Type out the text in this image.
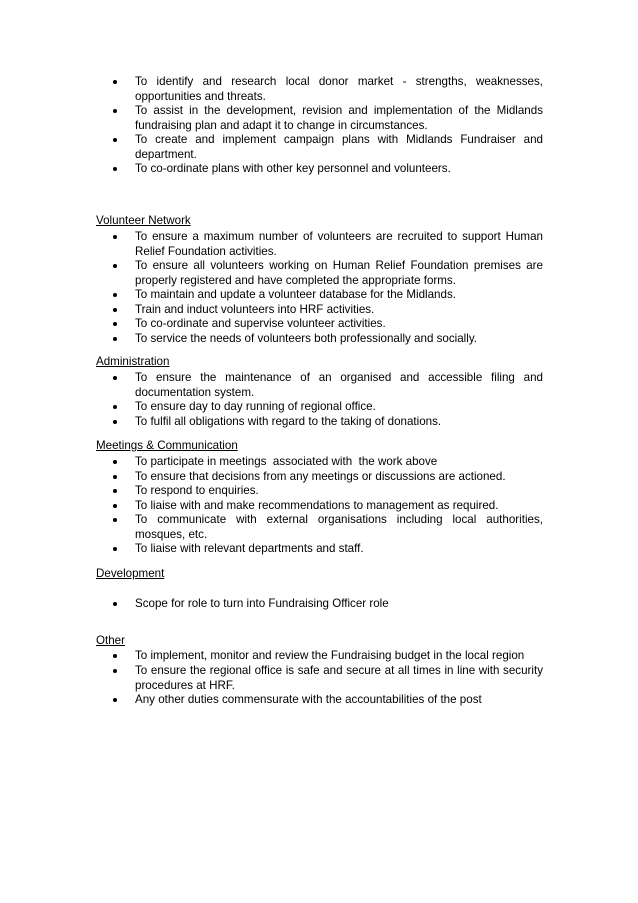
To identify and research local donor market - strengths, weaknesses, opportunities and threats.
To assist in the development, revision and implementation of the Midlands fundraising plan and adapt it to change in circumstances.
To create and implement campaign plans with Midlands Fundraiser and department.
To co-ordinate plans with other key personnel and volunteers.
Volunteer Network
To ensure a maximum number of volunteers are recruited to support Human Relief Foundation activities.
To ensure all volunteers working on Human Relief Foundation premises are properly registered and have completed the appropriate forms.
To maintain and update a volunteer database for the Midlands.
Train and induct volunteers into HRF activities.
To co-ordinate and supervise volunteer activities.
To service the needs of volunteers both professionally and socially.
Administration
To ensure the maintenance of an organised and accessible filing and documentation system.
To ensure day to day running of regional office.
To fulfil all obligations with regard to the taking of donations.
Meetings & Communication
To participate in meetings  associated with  the work above
To ensure that decisions from any meetings or discussions are actioned.
To respond to enquiries.
To liaise with and make recommendations to management as required.
To communicate with external organisations including local authorities, mosques, etc.
To liaise with relevant departments and staff.
Development
Scope for role to turn into Fundraising Officer role
Other
To implement, monitor and review the Fundraising budget in the local region
To ensure the regional office is safe and secure at all times in line with security procedures at HRF.
Any other duties commensurate with the accountabilities of the post
